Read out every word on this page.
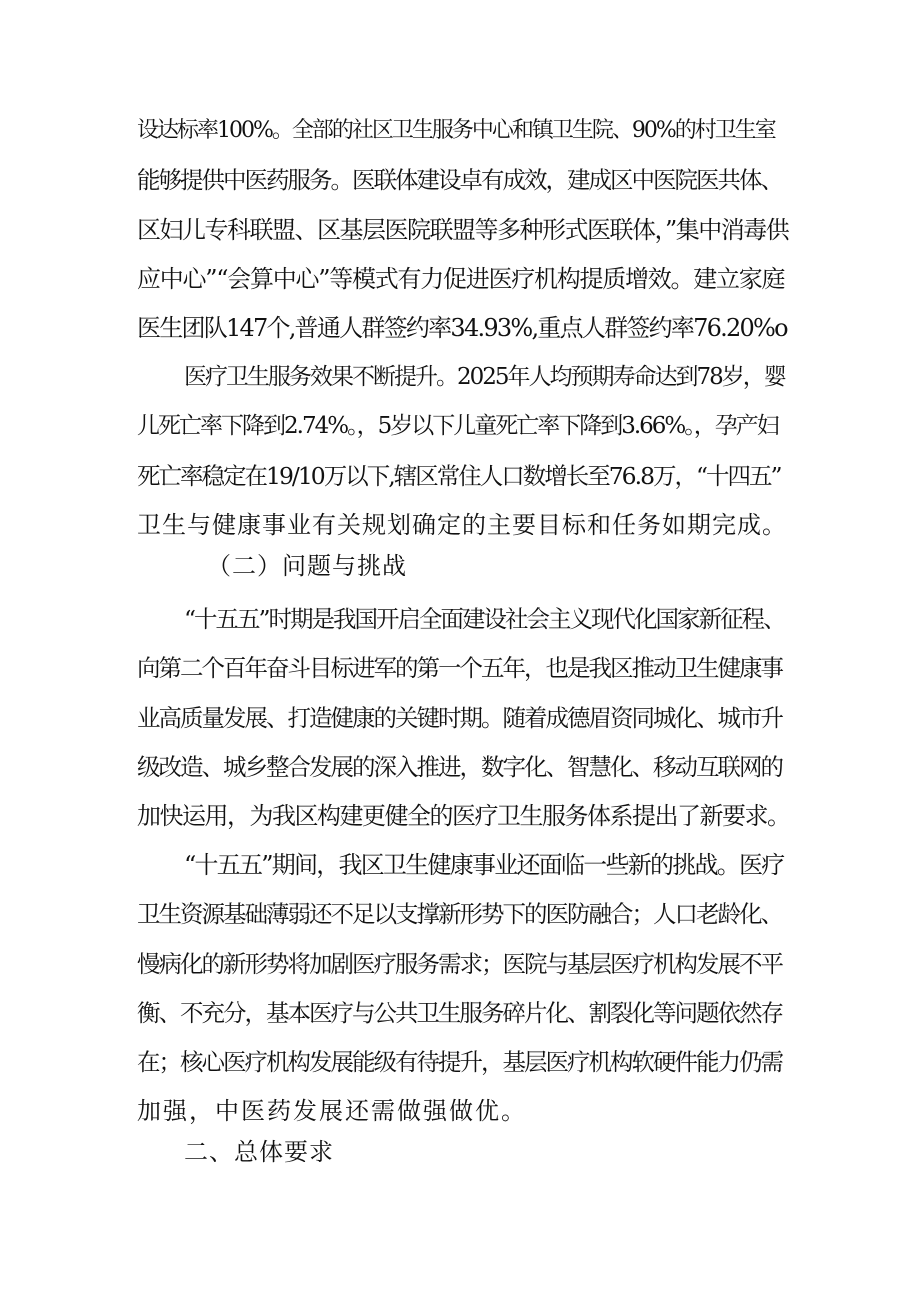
设达标率100%。全部的社区卫生服务中心和镇卫生院、90%的村卫生室
能够提供中医药服务。医联体建设卓有成效，建成区中医院医共体、
区妇儿专科联盟、区基层医院联盟等多种形式医联体，”集中消毒供
应中心”“会算中心”等模式有力促进医疗机构提质增效。建立家庭
医生团队147个,普通人群签约率34.93%,重点人群签约率76.20%o
医疗卫生服务效果不断提升。2025年人均预期寿命达到78岁，婴
儿死亡率下降到2.74%。，5岁以下儿童死亡率下降到3.66%。，孕产妇
死亡率稳定在19/10万以下,辖区常住人口数增长至76.8万，“十四五”
卫生与健康事业有关规划确定的主要目标和任务如期完成。
（二）问题与挑战
“十五五”时期是我国开启全面建设社会主义现代化国家新征程、
向第二个百年奋斗目标进军的第一个五年，也是我区推动卫生健康事
业高质量发展、打造健康的关键时期。随着成德眉资同城化、城市升
级改造、城乡整合发展的深入推进，数字化、智慧化、移动互联网的
加快运用，为我区构建更健全的医疗卫生服务体系提出了新要求。
“十五五”期间，我区卫生健康事业还面临一些新的挑战。医疗
卫生资源基础薄弱还不足以支撑新形势下的医防融合；人口老龄化、
慢病化的新形势将加剧医疗服务需求；医院与基层医疗机构发展不平
衡、不充分，基本医疗与公共卫生服务碎片化、割裂化等问题依然存
在；核心医疗机构发展能级有待提升，基层医疗机构软硬件能力仍需
加强，中医药发展还需做强做优。
二、总体要求
